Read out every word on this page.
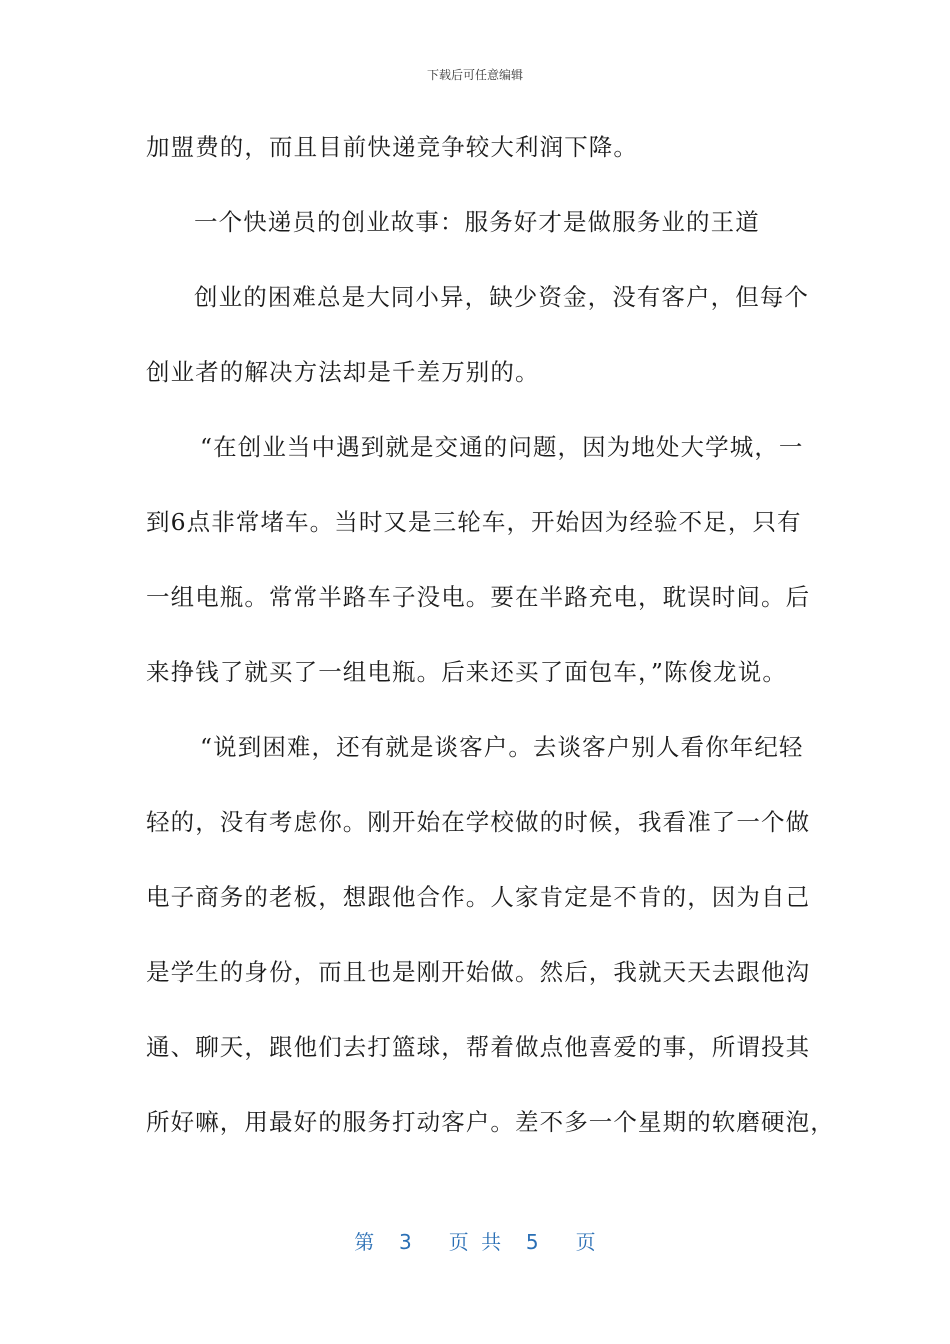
下载后可任意编辑
加盟费的，而且目前快递竞争较大利润下降。
一个快递员的创业故事：服务好才是做服务业的王道
创业的困难总是大同小异，缺少资金，没有客户，但每个
创业者的解决方法却是千差万别的。
“在创业当中遇到就是交通的问题，因为地处大学城，一
到6点非常堵车。当时又是三轮车，开始因为经验不足，只有
一组电瓶。常常半路车子没电。要在半路充电，耽误时间。后
来挣钱了就买了一组电瓶。后来还买了面包车，”陈俊龙说。
“说到困难，还有就是谈客户。去谈客户别人看你年纪轻
轻的，没有考虑你。刚开始在学校做的时候，我看准了一个做
电子商务的老板，想跟他合作。人家肯定是不肯的，因为自己
是学生的身份，而且也是刚开始做。然后，我就天天去跟他沟
通、聊天，跟他们去打篮球，帮着做点他喜爱的事，所谓投其
所好嘛，用最好的服务打动客户。差不多一个星期的软磨硬泡，
第  3   页 共  5   页
